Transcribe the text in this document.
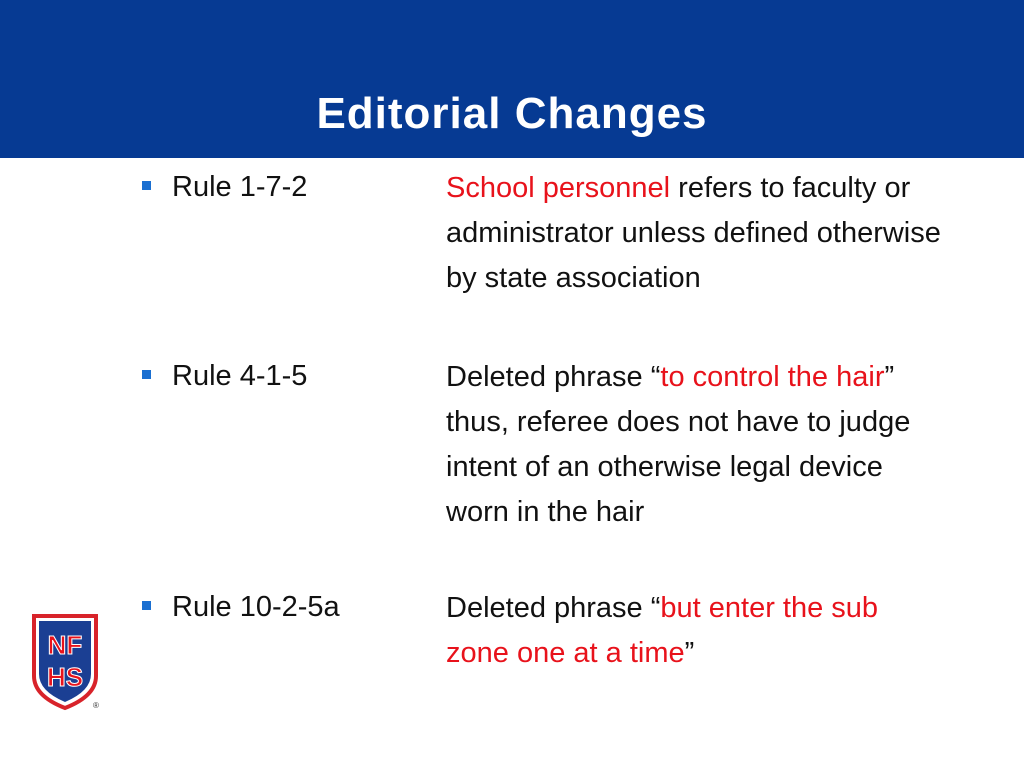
Editorial Changes
Rule 1-7-2	School personnel refers to faculty or administrator unless defined otherwise by state association
Rule 4-1-5	Deleted phrase “to control the hair” thus, referee does not have to judge intent of an otherwise legal device worn in the hair
Rule 10-2-5a	Deleted phrase “but enter the sub zone one at a time”
NF
HS
®
